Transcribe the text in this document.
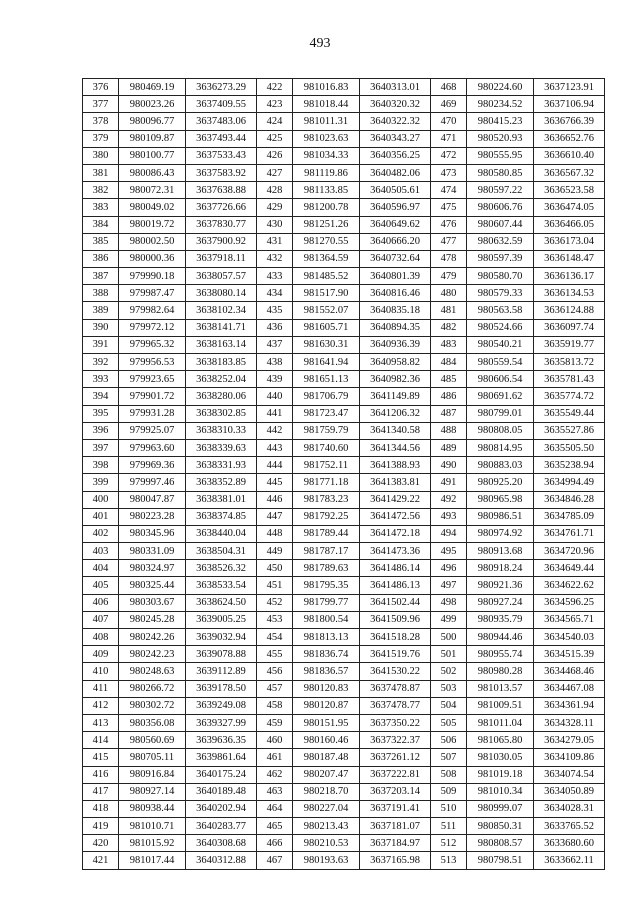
493
376	980469.19	3636273.29
377	980023.26	3637409.55
378	980096.77	3637483.06
379	980109.87	3637493.44
380	980100.77	3637533.43
381	980086.43	3637583.92
382	980072.31	3637638.88
383	980049.02	3637726.66
384	980019.72	3637830.77
385	980002.50	3637900.92
386	980000.36	3637918.11
387	979990.18	3638057.57
388	979987.47	3638080.14
389	979982.64	3638102.34
390	979972.12	3638141.71
391	979965.32	3638163.14
392	979956.53	3638183.85
393	979923.65	3638252.04
394	979901.72	3638280.06
395	979931.28	3638302.85
396	979925.07	3638310.33
397	979963.60	3638339.63
398	979969.36	3638331.93
399	979997.46	3638352.89
400	980047.87	3638381.01
401	980223.28	3638374.85
402	980345.96	3638440.04
403	980331.09	3638504.31
404	980324.97	3638526.32
405	980325.44	3638533.54
406	980303.67	3638624.50
407	980245.28	3639005.25
408	980242.26	3639032.94
409	980242.23	3639078.88
410	980248.63	3639112.89
411	980266.72	3639178.50
412	980302.72	3639249.08
413	980356.08	3639327.99
414	980560.69	3639636.35
415	980705.11	3639861.64
416	980916.84	3640175.24
417	980927.14	3640189.48
418	980938.44	3640202.94
419	981010.71	3640283.77
420	981015.92	3640308.68
421	981017.44	3640312.88
422	981016.83	3640313.01
423	981018.44	3640320.32
424	981011.31	3640322.32
425	981023.63	3640343.27
426	981034.33	3640356.25
427	981119.86	3640482.06
428	981133.85	3640505.61
429	981200.78	3640596.97
430	981251.26	3640649.62
431	981270.55	3640666.20
432	981364.59	3640732.64
433	981485.52	3640801.39
434	981517.90	3640816.46
435	981552.07	3640835.18
436	981605.71	3640894.35
437	981630.31	3640936.39
438	981641.94	3640958.82
439	981651.13	3640982.36
440	981706.79	3641149.89
441	981723.47	3641206.32
442	981759.79	3641340.58
443	981740.60	3641344.56
444	981752.11	3641388.93
445	981771.18	3641383.81
446	981783.23	3641429.22
447	981792.25	3641472.56
448	981789.44	3641472.18
449	981787.17	3641473.36
450	981789.63	3641486.14
451	981795.35	3641486.13
452	981799.77	3641502.44
453	981800.54	3641509.96
454	981813.13	3641518.28
455	981836.74	3641519.76
456	981836.57	3641530.22
457	980120.83	3637478.87
458	980120.87	3637478.77
459	980151.95	3637350.22
460	980160.46	3637322.37
461	980187.48	3637261.12
462	980207.47	3637222.81
463	980218.70	3637203.14
464	980227.04	3637191.41
465	980213.43	3637181.07
466	980210.53	3637184.97
467	980193.63	3637165.98
468	980224.60	3637123.91
469	980234.52	3637106.94
470	980415.23	3636766.39
471	980520.93	3636652.76
472	980555.95	3636610.40
473	980580.85	3636567.32
474	980597.22	3636523.58
475	980606.76	3636474.05
476	980607.44	3636466.05
477	980632.59	3636173.04
478	980597.39	3636148.47
479	980580.70	3636136.17
480	980579.33	3636134.53
481	980563.58	3636124.88
482	980524.66	3636097.74
483	980540.21	3635919.77
484	980559.54	3635813.72
485	980606.54	3635781.43
486	980691.62	3635774.72
487	980799.01	3635549.44
488	980808.05	3635527.86
489	980814.95	3635505.50
490	980883.03	3635238.94
491	980925.20	3634994.49
492	980965.98	3634846.28
493	980986.51	3634785.09
494	980974.92	3634761.71
495	980913.68	3634720.96
496	980918.24	3634649.44
497	980921.36	3634622.62
498	980927.24	3634596.25
499	980935.79	3634565.71
500	980944.46	3634540.03
501	980955.74	3634515.39
502	980980.28	3634468.46
503	981013.57	3634467.08
504	981009.51	3634361.94
505	981011.04	3634328.11
506	981065.80	3634279.05
507	981030.05	3634109.86
508	981019.18	3634074.54
509	981010.34	3634050.89
510	980999.07	3634028.31
511	980850.31	3633765.52
512	980808.57	3633680.60
513	980798.51	3633662.11
